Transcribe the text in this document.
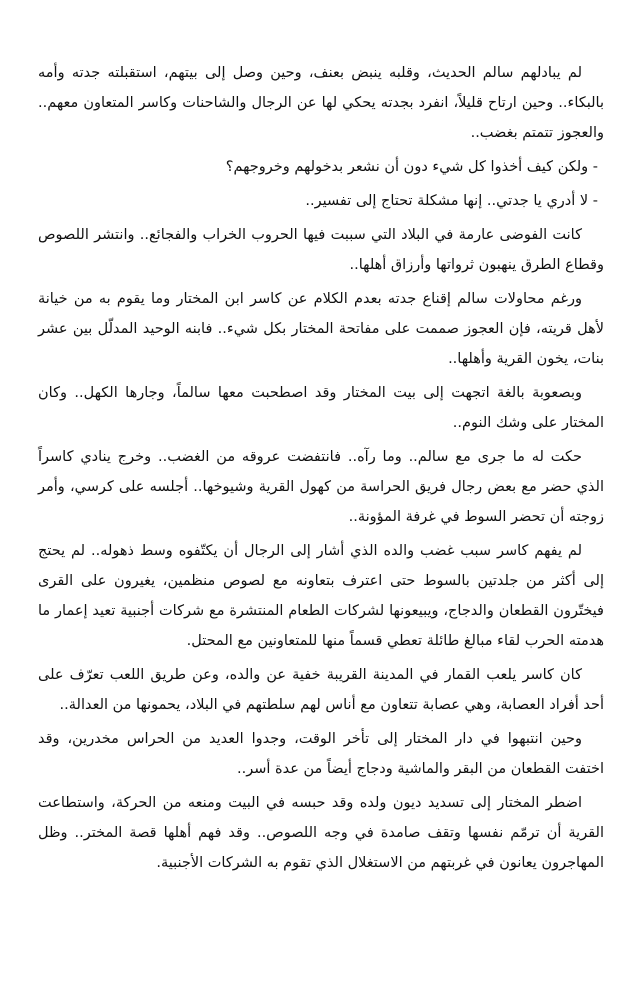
لم يبادلهم سالم الحديث، وقلبه ينبض بعنف، وحين وصل إلى بيتهم، استقبلته جدته وأمه بالبكاء.. وحين ارتاح قليلاً، انفرد بجدته يحكي لها عن الرجال والشاحنات وكاسر المتعاون معهم.. والعجوز تتمتم بغضب..

- ولكن كيف أخذوا كل شيء دون أن نشعر بدخولهم وخروجهم؟

- لا أدري يا جدتي.. إنها مشكلة تحتاج إلى تفسير..

كانت الفوضى عارمة في البلاد التي سببت فيها الحروب الخراب والفجائع.. وانتشر اللصوص وقطاع الطرق ينهبون ثرواتها وأرزاق أهلها..

ورغم محاولات سالم إقناع جدته بعدم الكلام عن كاسر ابن المختار وما يقوم به من خيانة لأهل قريته، فإن العجوز صممت على مفاتحة المختار بكل شيء.. فابنه الوحيد المدلّل بين عشر بنات، يخون القرية وأهلها..

وبصعوبة بالغة اتجهت إلى بيت المختار وقد اصطحبت معها سالماً، وجارها الكهل.. وكان المختار على وشك النوم..

حكت له ما جرى مع سالم.. وما رآه.. فانتفضت عروقه من الغضب.. وخرج ينادي كاسراً الذي حضر مع بعض رجال فريق الحراسة من كهول القرية وشيوخها.. أجلسه على كرسي، وأمر زوجته أن تحضر السوط في غرفة المؤونة..

لم يفهم كاسر سبب غضب والده الذي أشار إلى الرجال أن يكتّفوه وسط ذهوله.. لم يحتج إلى أكثر من جلدتين بالسوط حتى اعترف بتعاونه مع لصوص منظمين، يغيرون على القرى فيختّرون القطعان والدجاج، ويبيعونها لشركات الطعام المنتشرة مع شركات أجنبية تعيد إعمار ما هدمته الحرب لقاء مبالغ طائلة تعطي قسماً منها للمتعاونين مع المحتل.

كان كاسر يلعب القمار في المدينة القريبة خفية عن والده، وعن طريق اللعب تعرّف على أحد أفراد العصابة، وهي عصابة تتعاون مع أناس لهم سلطتهم في البلاد، يحمونها من العدالة..

وحين انتبهوا في دار المختار إلى تأخر الوقت، وجدوا العديد من الحراس مخدرين، وقد اختفت القطعان من البقر والماشية ودجاج أيضاً من عدة أسر..

اضطر المختار إلى تسديد ديون ولده وقد حبسه في البيت ومنعه من الحركة، واستطاعت القرية أن ترمّم نفسها وتقف صامدة في وجه اللصوص.. وقد فهم أهلها قصة المختر.. وظل المهاجرون يعانون في غربتهم من الاستغلال الذي تقوم به الشركات الأجنبية.
